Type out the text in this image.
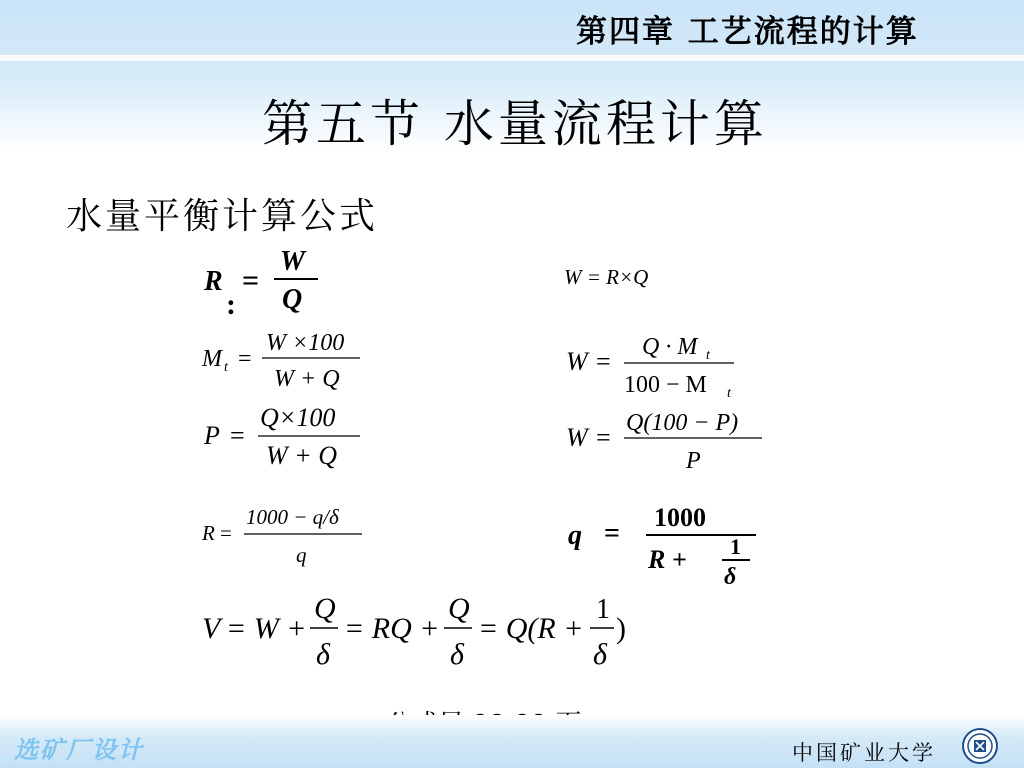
第四章 工艺流程的计算
第五节 水量流程计算
水量平衡计算公式
R
:
=
W
Q
W = R×Q
M t =
W ×100
W + Q
W = Q · M t
100 − M t
P =
Q×100
W + Q
W = Q(100 − P)
P
R =
1000 − q/δ
q
q =
1000
R + 1
δ
V = W +
Q
δ
= RQ +
Q
δ
= Q(R +
1
δ
)
选矿厂设计	中国矿业大学
